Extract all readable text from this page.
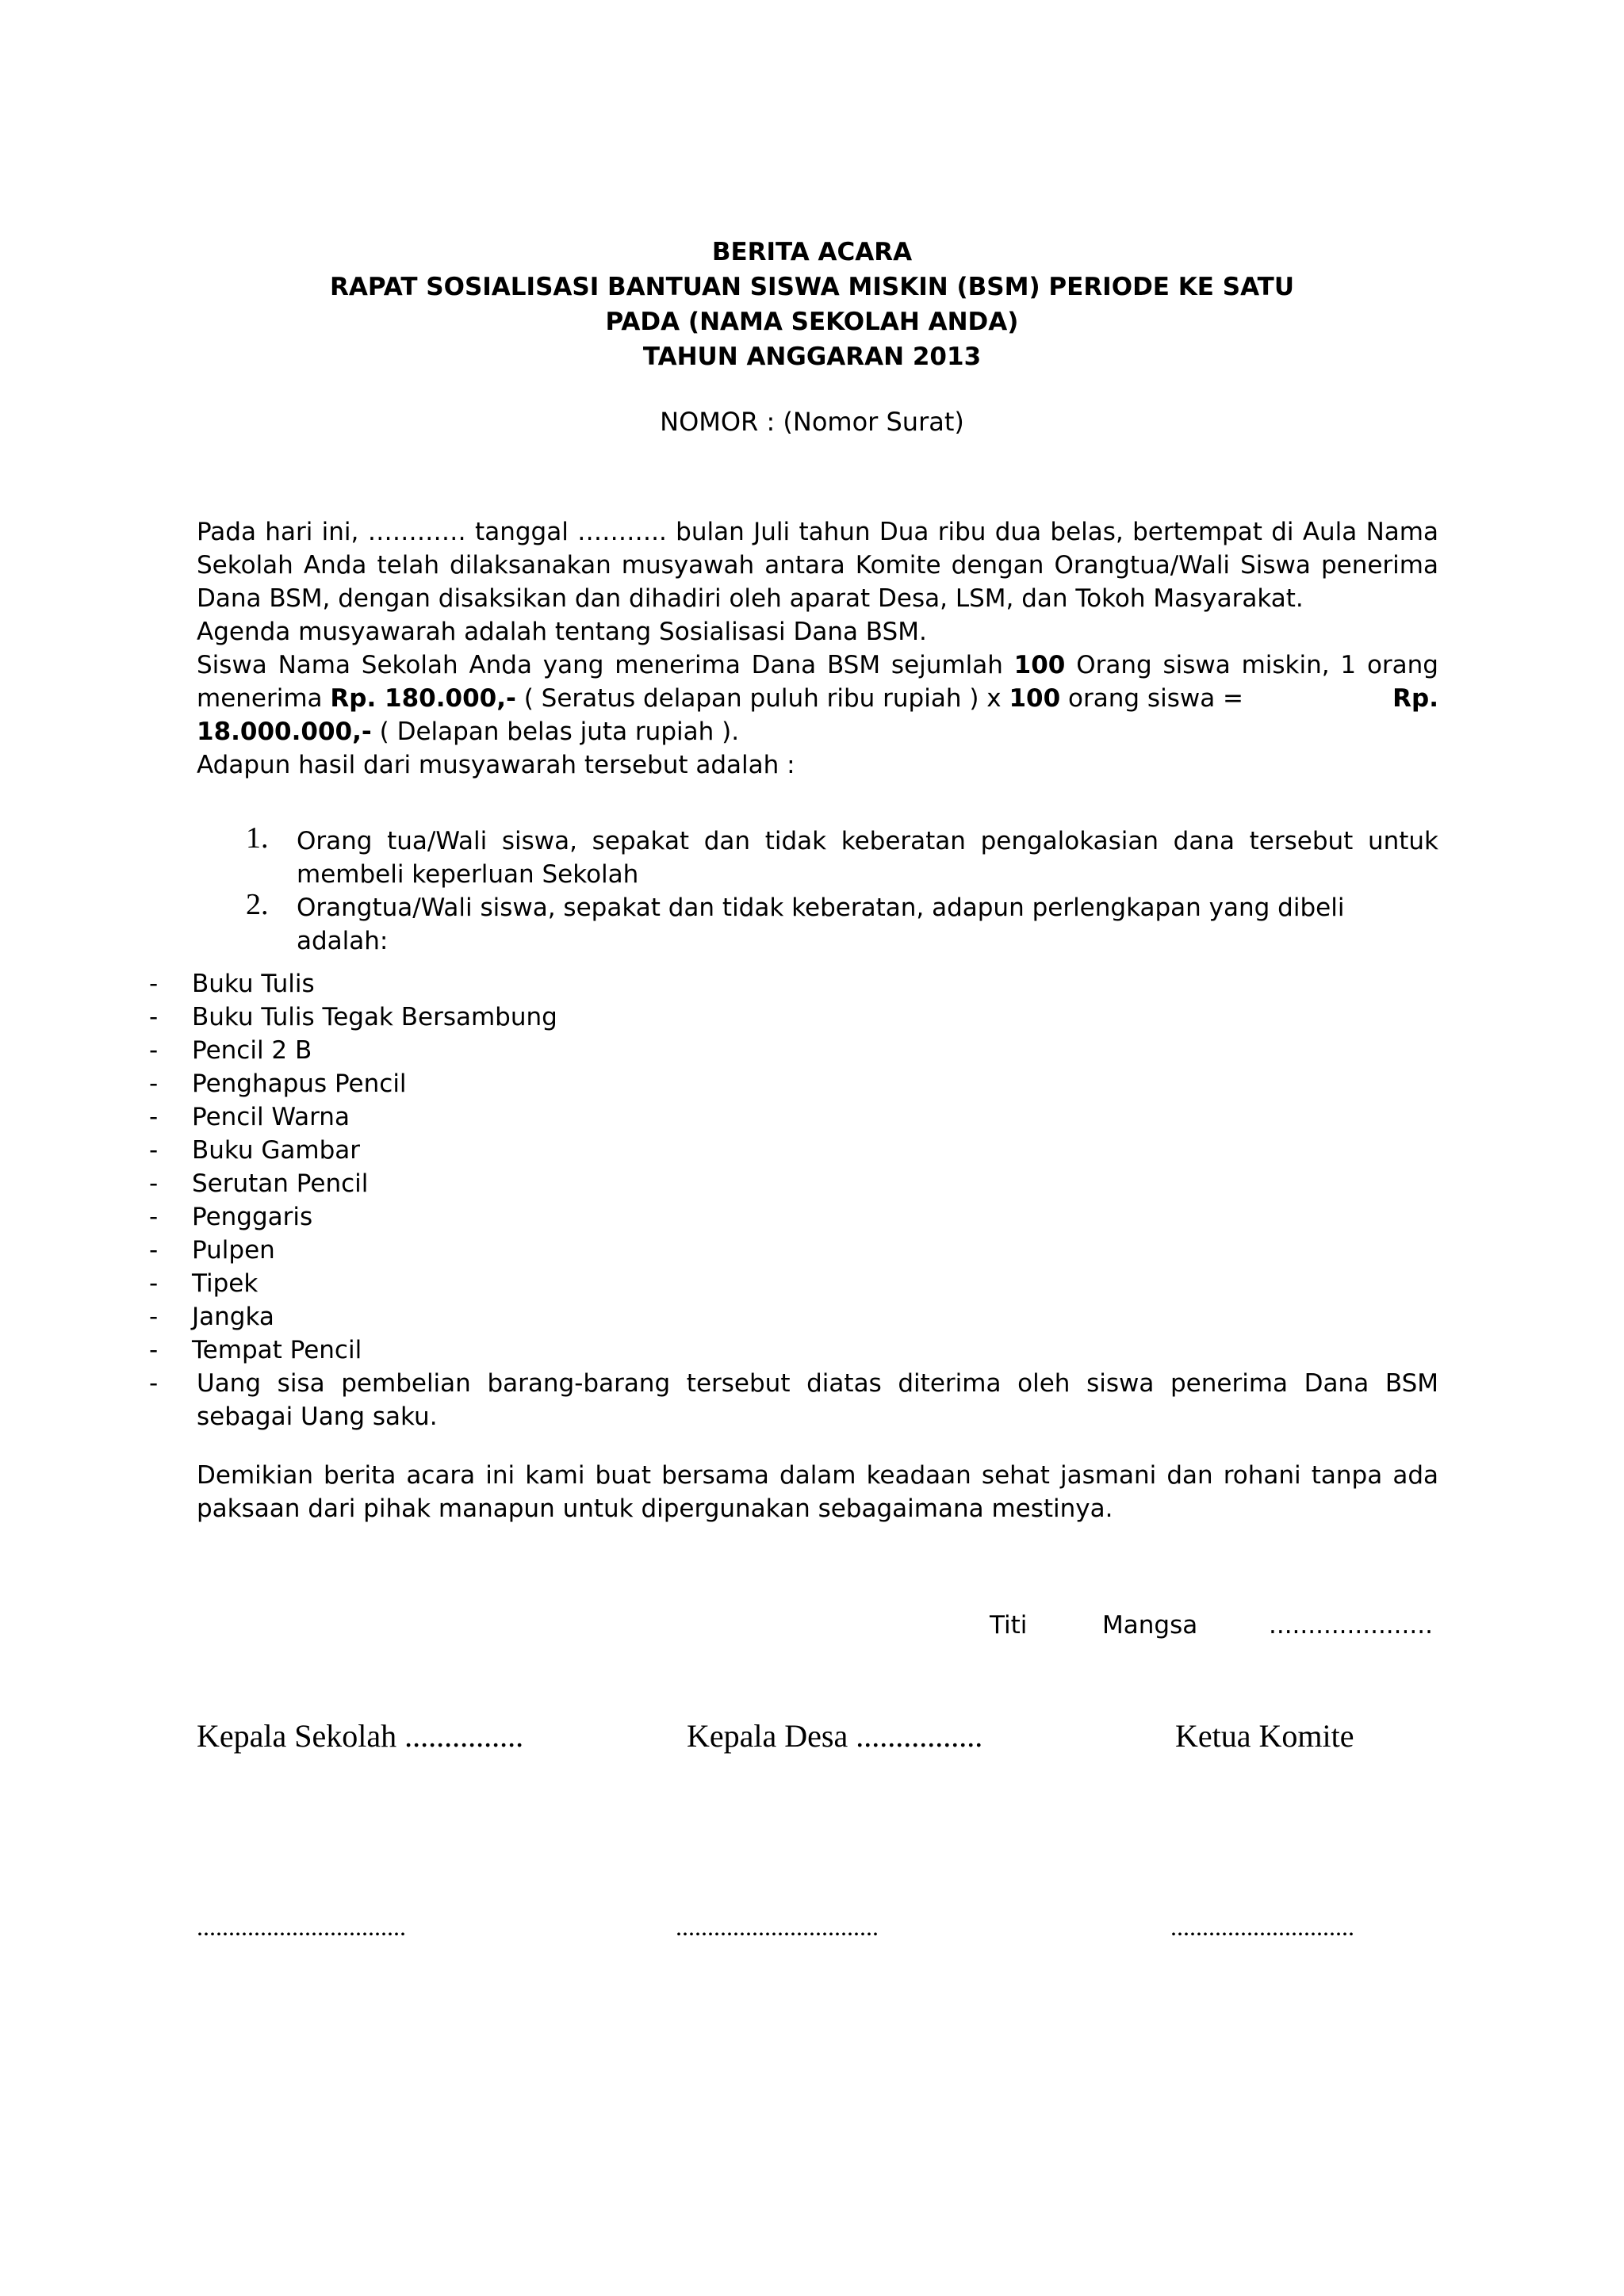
BERITA ACARA
RAPAT SOSIALISASI BANTUAN SISWA MISKIN (BSM) PERIODE KE SATU
PADA (NAMA SEKOLAH ANDA)
TAHUN ANGGARAN 2013
NOMOR : (Nomor Surat)
Pada hari ini, ………… tanggal ……….. bulan Juli tahun Dua ribu dua belas, bertempat di Aula Nama
Sekolah Anda telah dilaksanakan musyawah antara Komite dengan Orangtua/Wali Siswa penerima
Dana BSM, dengan disaksikan dan dihadiri oleh aparat Desa, LSM, dan Tokoh Masyarakat.
Agenda musyawarah adalah tentang Sosialisasi Dana BSM.
Siswa Nama Sekolah Anda yang menerima Dana BSM sejumlah 100 Orang siswa miskin, 1 orang
menerima Rp. 180.000,- ( Seratus delapan puluh ribu rupiah ) x 100 orang siswa =	Rp.
18.000.000,- ( Delapan belas juta rupiah ).
Adapun hasil dari musyawarah tersebut adalah :
1. Orang tua/Wali siswa, sepakat dan tidak keberatan pengalokasian dana tersebut untuk membeli keperluan Sekolah
2. Orangtua/Wali siswa, sepakat dan tidak keberatan, adapun perlengkapan yang dibeli adalah:
- Buku Tulis
- Buku Tulis Tegak Bersambung
- Pencil 2 B
- Penghapus Pencil
- Pencil Warna
- Buku Gambar
- Serutan Pencil
- Penggaris
- Pulpen
- Tipek
- Jangka
- Tempat Pencil
- Uang sisa pembelian barang-barang tersebut diatas diterima oleh siswa penerima Dana BSM sebagai Uang saku.
Demikian berita acara ini kami buat bersama dalam keadaan sehat jasmani dan rohani tanpa ada paksaan dari pihak manapun untuk dipergunakan sebagaimana mestinya.
Titi	Mangsa	.....................
Kepala Sekolah ...............	Kepala Desa ................	Ketua Komite
.................................	................................	.............................
